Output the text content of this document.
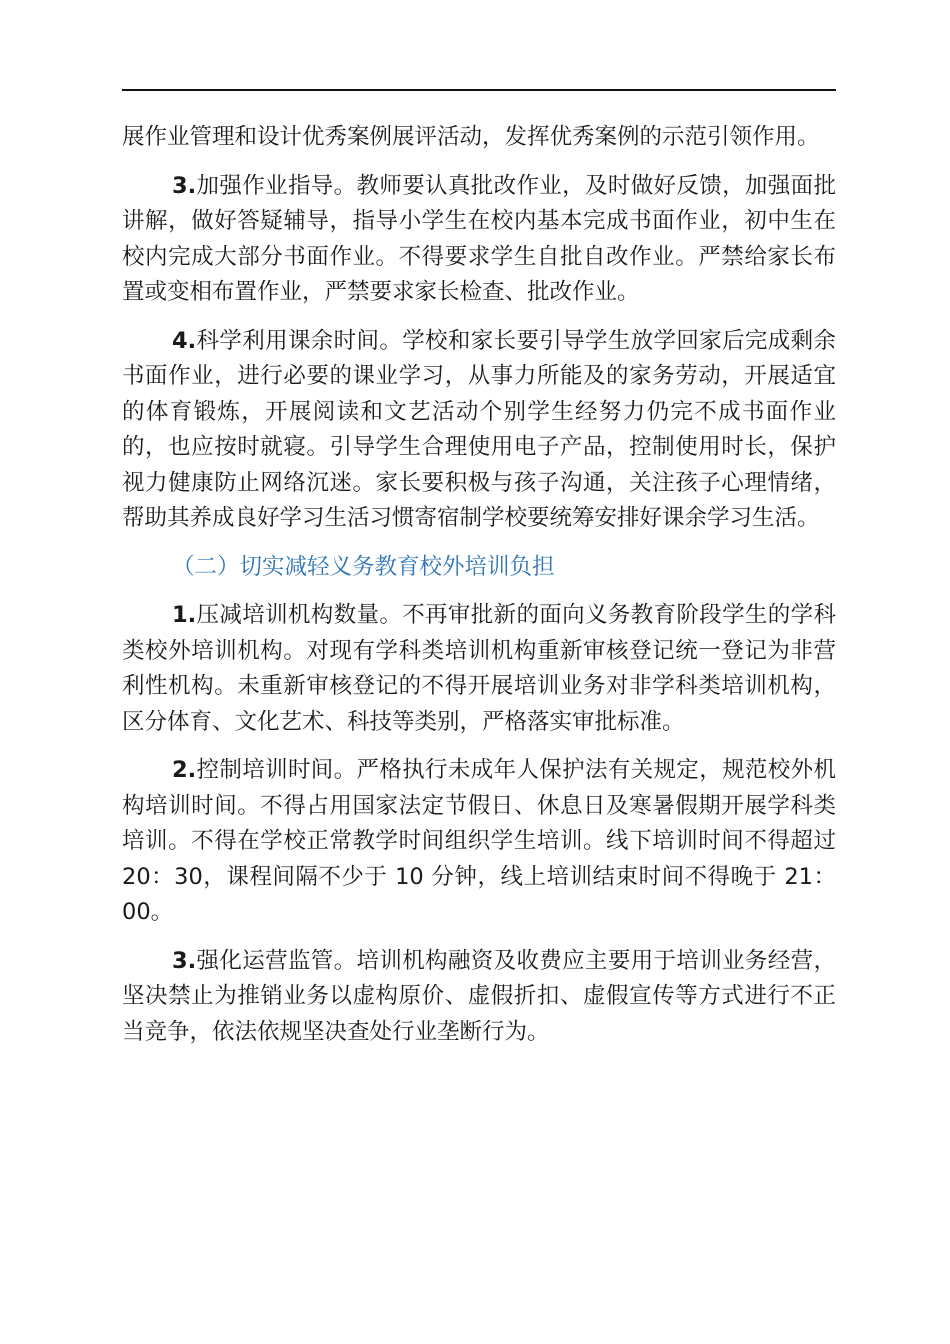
展作业管理和设计优秀案例展评活动，发挥优秀案例的示范引领作用。

3.加强作业指导。教师要认真批改作业，及时做好反馈，加强面批讲解，做好答疑辅导，指导小学生在校内基本完成书面作业，初中生在校内完成大部分书面作业。不得要求学生自批自改作业。严禁给家长布置或变相布置作业，严禁要求家长检查、批改作业。

4.科学利用课余时间。学校和家长要引导学生放学回家后完成剩余书面作业，进行必要的课业学习，从事力所能及的家务劳动，开展适宜的体育锻炼，开展阅读和文艺活动个别学生经努力仍完不成书面作业的，也应按时就寝。引导学生合理使用电子产品，控制使用时长，保护视力健康防止网络沉迷。家长要积极与孩子沟通，关注孩子心理情绪，帮助其养成良好学习生活习惯寄宿制学校要统筹安排好课余学习生活。

（二）切实减轻义务教育校外培训负担

1.压减培训机构数量。不再审批新的面向义务教育阶段学生的学科类校外培训机构。对现有学科类培训机构重新审核登记统一登记为非营利性机构。未重新审核登记的不得开展培训业务对非学科类培训机构，区分体育、文化艺术、科技等类别，严格落实审批标准。

2.控制培训时间。严格执行未成年人保护法有关规定，规范校外机构培训时间。不得占用国家法定节假日、休息日及寒暑假期开展学科类培训。不得在学校正常教学时间组织学生培训。线下培训时间不得超过 20：30，课程间隔不少于 10 分钟，线上培训结束时间不得晚于 21：00。

3.强化运营监管。培训机构融资及收费应主要用于培训业务经营，坚决禁止为推销业务以虚构原价、虚假折扣、虚假宣传等方式进行不正当竞争，依法依规坚决查处行业垄断行为。
